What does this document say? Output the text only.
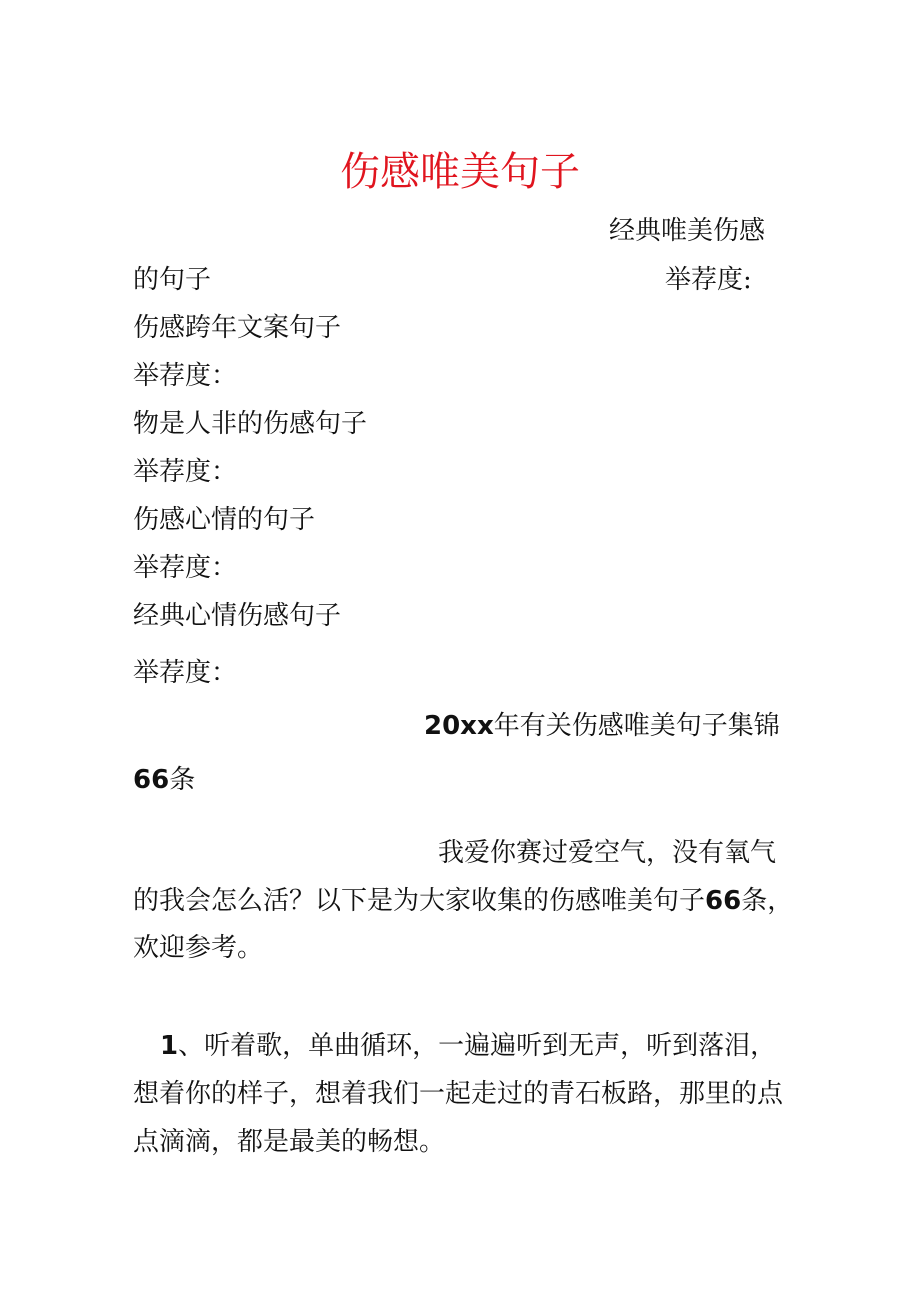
伤感唯美句子
经典唯美伤感
的句子	举荐度:
伤感跨年文案句子
举荐度：
物是人非的伤感句子
举荐度：
伤感心情的句子
举荐度：
经典心情伤感句子
举荐度：
20xx年有关伤感唯美句子集锦
66条
我爱你赛过爱空气，没有氧气
的我会怎么活？以下是为大家收集的伤感唯美句子66条，
欢迎参考。
1、听着歌，单曲循环，一遍遍听到无声，听到落泪，
想着你的样子，想着我们一起走过的青石板路，那里的点
点滴滴，都是最美的畅想。
